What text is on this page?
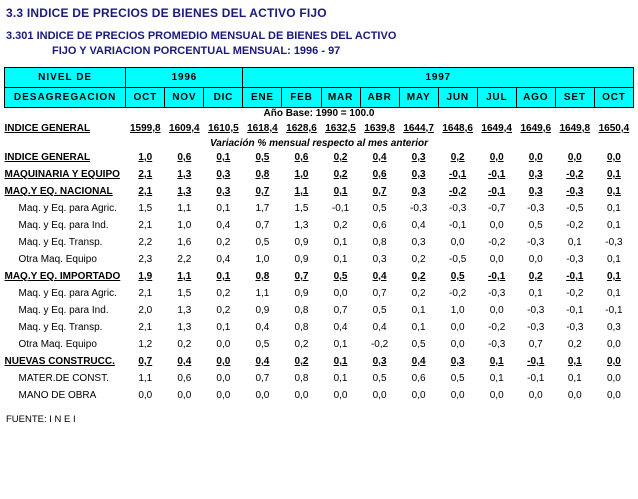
3.3 INDICE DE PRECIOS DE BIENES DEL ACTIVO FIJO
3.301 INDICE DE PRECIOS PROMEDIO MENSUAL DE BIENES DEL ACTIVO
FIJO Y VARIACION PORCENTUAL MENSUAL: 1996 - 97
NIVEL DE	1996			1997									
DESAGREGACION	OCT	NOV	DIC	ENE	FEB	MAR	ABR	MAY	JUN	JUL	AGO	SET	OCT
Año Base: 1990 = 100.0													
INDICE GENERAL	1599,8	1609,4	1610,5	1618,4	1628,6	1632,5	1639,8	1644,7	1648,6	1649,4	1649,6	1649,8	1650,4
Variación % mensual respecto al mes anterior													
INDICE GENERAL	1,0	0,6	0,1	0,5	0,6	0,2	0,4	0,3	0,2	0,0	0,0	0,0	0,0
MAQUINARIA Y EQUIPO	2,1	1,3	0,3	0,8	1,0	0,2	0,6	0,3	-0,1	-0,1	0,3	-0,2	0,1
MAQ.Y EQ. NACIONAL	2,1	1,3	0,3	0,7	1,1	0,1	0,7	0,3	-0,2	-0,1	0,3	-0,3	0,1
Maq. y Eq. para Agric.	1,5	1,1	0,1	1,7	1,5	-0,1	0,5	-0,3	-0,3	-0,7	-0,3	-0,5	0,1
Maq. y Eq. para Ind.	2,1	1,0	0,4	0,7	1,3	0,2	0,6	0,4	-0,1	0,0	0,5	-0,2	0,1
Maq. y Eq. Transp.	2,2	1,6	0,2	0,5	0,9	0,1	0,8	0,3	0,0	-0,2	-0,3	0,1	-0,3
Otra Maq. Equipo	2,3	2,2	0,4	1,0	0,9	0,1	0,3	0,2	-0,5	0,0	0,0	-0,3	0,1
MAQ.Y EQ. IMPORTADO	1,9	1,1	0,1	0,8	0,7	0,5	0,4	0,2	0,5	-0,1	0,2	-0,1	0,1
Maq. y Eq. para Agric.	2,1	1,5	0,2	1,1	0,9	0,0	0,7	0,2	-0,2	-0,3	0,1	-0,2	0,1
Maq. y Eq. para Ind.	2,0	1,3	0,2	0,9	0,8	0,7	0,5	0,1	1,0	0,0	-0,3	-0,1	-0,1
Maq. y Eq. Transp.	2,1	1,3	0,1	0,4	0,8	0,4	0,4	0,1	0,0	-0,2	-0,3	-0,3	0,3
Otra Maq. Equipo	1,2	0,2	0,0	0,5	0,2	0,1	-0,2	0,5	0,0	-0,3	0,7	0,2	0,0
NUEVAS CONSTRUCC.	0,7	0,4	0,0	0,4	0,2	0,1	0,3	0,4	0,3	0,1	-0,1	0,1	0,0
MATER.DE CONST.	1,1	0,6	0,0	0,7	0,8	0,1	0,5	0,6	0,5	0,1	-0,1	0,1	0,0
MANO DE OBRA	0,0	0,0	0,0	0,0	0,0	0,0	0,0	0,0	0,0	0,0	0,0	0,0	0,0
FUENTE: I N E I
